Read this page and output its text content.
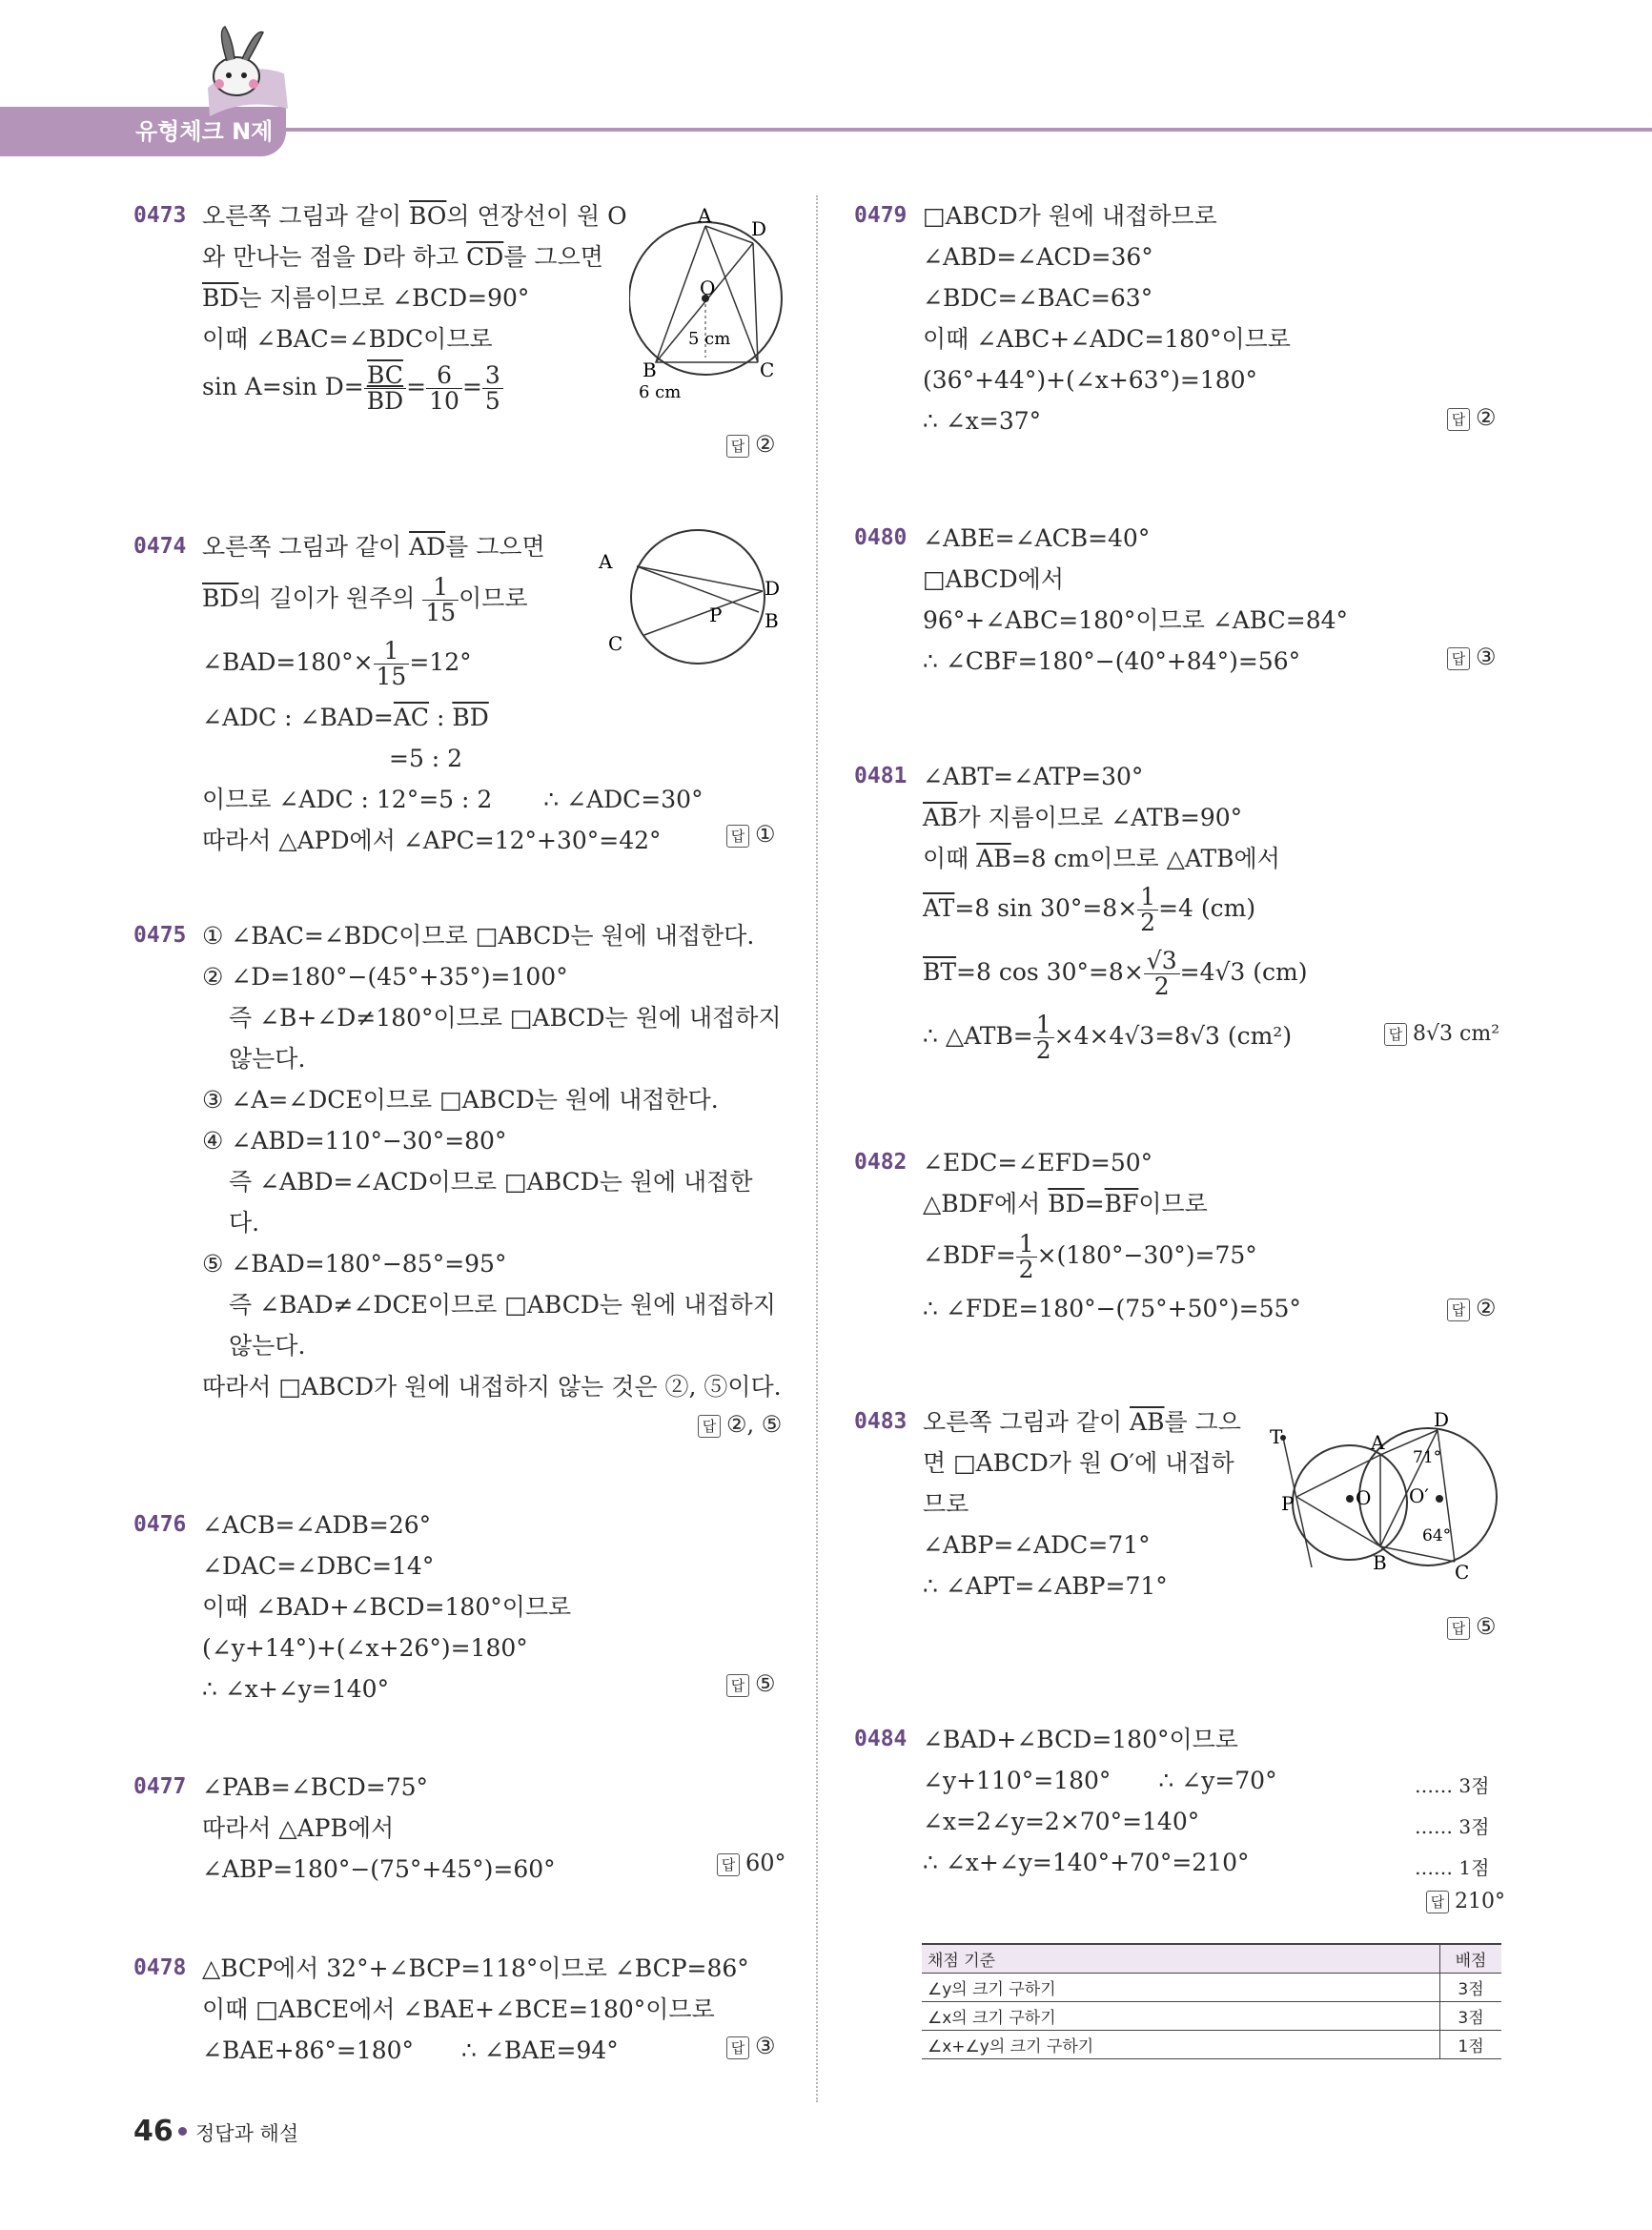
유형체크 N제
0473 오른쪽 그림과 같이 $\overline{BO}$의 연장선이 원 O
와 만나는 점을 D라 하고 $\overline{CD}$를 그으면
$\overline{BD}$는 지름이므로 ∠BCD=90°
이때 ∠BAC=∠BDC이므로
sin A=sin $D= \frac{\overline{BC}}{BD} = \frac{6}{10} = \frac{3}{5}$
A
D
O
5 cm
B	C
6 cm
답 ②
0474 오른쪽 그림과 같이 $\overline{AD}$를 그으면
$\overline{BD}$의 길이가 원주의 $\frac{1}{15}$ 이므로
∠BAD=180°× $\frac{1}{15} =12^\circ$
∠ADC : $\angle BAD=\overline{AC}$ : $\overline{BD}$
=5 : 2
이므로 ∠ADC : 12°=5 : 2 ∴ ∠ADC=30°
따라서 △APD에서 ∠APC=12°+30°=42°
A
D
B
C
P
답 ①
0475 ① ∠BAC=∠BDC이므로 □ABCD는 원에 내접한다.
② ∠D=180°−(45°+35°)=100°
즉 ∠B+∠D≠180°이므로 □ABCD는 원에 내접하지
않는다.
③ ∠A=∠DCE이므로 □ABCD는 원에 내접한다.
④ ∠ABD=110°−30°=80°
즉 ∠ABD=∠ACD이므로 □ABCD는 원에 내접한
다.
⑤ ∠BAD=180°−85°=95°
즉 ∠BAD≠∠DCE이므로 □ABCD는 원에 내접하지
않는다.
따라서 □ABCD가 원에 내접하지 않는 것은 ②, ⑤이다.
답 ②, ⑤
0476 ∠ACB=∠ADB=26°
∠DAC=∠DBC=14°
이때 ∠BAD+∠BCD=180°이므로
(∠y+14°)+(∠x+26°)=180°
∴ ∠x+∠y=140°	답 ⑤
0477 ∠PAB=∠BCD=75°
따라서 △APB에서
∠ABP=180°−(75°+45°)=60°	답 60°
0478 △BCP에서 32°+∠BCP=118°이므로 ∠BCP=86°
이때 □ABCE에서 ∠BAE+∠BCE=180°이므로
∠BAE+86°=180° ∴ ∠BAE=94°	답 ③
0479 □ABCD가 원에 내접하므로
∠ABD=∠ACD=36°
∠BDC=∠BAC=63°
이때 ∠ABC+∠ADC=180°이므로
(36°+44°)+(∠x+63°)=180°
∴ ∠x=37°	답 ②
0480 ∠ABE=∠ACB=40°
□ABCD에서
96°+∠ABC=180°이므로 ∠ABC=84°
∴ ∠CBF=180°−(40°+84°)=56°	답 ③
0481 ∠ABT=∠ATP=30°
$\overline{AB}$가 지름이므로 ∠ATB=90°
이때 $\overline{AB}=8$ cm이므로 △ATB에서
$\overline{AT}=8$ $\sin 30^\circ=8\times \frac{1}{2} =4$ (cm)
$\overline{BT}=8$ $\cos 30^\circ=8\times \frac{√3}{2} =4√3$ (cm)
∴ △ATB= $\frac{1}{2} \times 4\times 4√3=8√3$ (cm²)	답 8√3 cm²
0482 ∠EDC=∠EFD=50°
△BDF에서 $\overline{BD}=\overline{BF}$이므로
∠BDF= $\frac{1}{2} \times(180^\circ-30^\circ)=75^\circ$
∴ ∠FDE=180°−(75°+50°)=55°	답 ②
0483 오른쪽 그림과 같이 $\overline{AB}$를 그으
면 □ABCD가 원 O′에 내접하
므로
∠ABP=∠ADC=71°
∴ ∠APT=∠ABP=71°
T
P
A
B	C
D
O O′
71°
64°
답 ⑤
0484 ∠BAD+∠BCD=180°이므로
∠y+110°=180° ∴ ∠y=70°
∠x=2∠y=2×70°=140°
∴ ∠x+∠y=140°+70°=210°
…… 3점
…… 3점
…… 1점
답 210°
채점 기준	배점
∠y의 크기 구하기	3점
∠x의 크기 구하기	3점
∠x+∠y의 크기 구하기	1점
46 정답과 해설
